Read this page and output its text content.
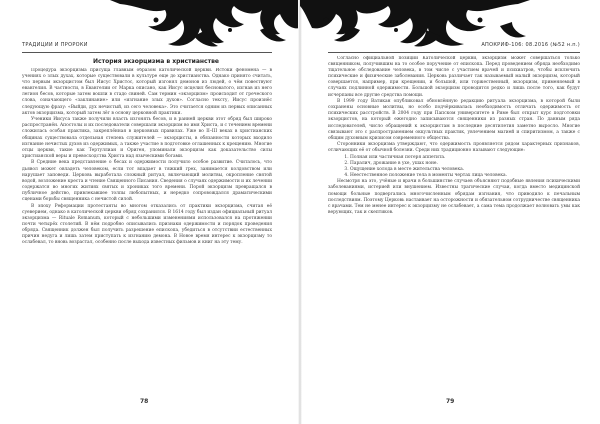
ТРАДИЦИИ И ПРОРОКИ
История экзорцизма в христианстве

Процедура экзорцизма присуща главным образом католической церкви. Истоки феномена — в учениях о злых духах, которые существовали в культуре еще до христианства. Однако принято считать, что первым экзорцистом был Иисус Христос, который изгонял демонов из людей, о чём повествуют евангелия. В частности, в Евангелии от Марка описано, как Иисус исцелил бесноватого, изгнав из него легион бесов, которые затем вошли в стадо свиней. Сам термин «экзорцизм» происходит от греческого слова, означающего «заклинание» или «изгнание злых духов». Согласно тексту, Иисус произнёс следующую фразу: «Выйди, дух нечистый, из сего человека». Это считается одним из первых описанных актов экзорцизма, который затем лёг в основу церковной практики.

Ученики Иисуса также получили власть изгонять бесов, и в ранней церкви этот обряд был широко распространён. Апостолы и их последователи совершали экзорцизм во имя Христа, и с течением времени сложилась особая практика, закреплённая в церковных правилах. Уже во II–III веках в христианских общинах существовала отдельная степень служителей — экзорцисты, в обязанности которых входило изгнание нечистых духов из одержимых, а также участие в подготовке оглашенных к крещению. Многие отцы церкви, такие как Тертуллиан и Ориген, упоминали экзорцизм как доказательство силы христианской веры и превосходства Христа над языческими богами.

В Средние века представление о бесах и одержимости получило особое развитие. Считалось, что дьявол может овладеть человеком, если тот впадает в тяжкий грех, занимается колдовством или нарушает заповеди. Церковь выработала сложный ритуал, включающий молитвы, окропление святой водой, возложение креста и чтение Священного Писания. Сведения о случаях одержимости и их лечении содержатся во многих житиях святых и хрониках того времени. Порой экзорцизм превращался в публичное действо, привлекавшее толпы любопытных, и нередко сопровождался драматическими сценами борьбы священника с нечистой силой.

В эпоху Реформации протестанты во многом отказались от практики экзорцизма, считая её суеверием, однако в католической церкви обряд сохранился. В 1614 году был издан официальный ритуал экзорцизма — Rituale Romanum, который с небольшими изменениями использовался на протяжении почти четырёх столетий. В нём подробно описывались признаки одержимости и порядок проведения обряда. Священник должен был получить разрешение епископа, убедиться в отсутствии естественных причин недуга и лишь затем приступать к изгнанию демона. В Новое время интерес к экзорцизму то ослабевал, то вновь возрастал, особенно после выхода известных фильмов и книг на эту тему.

78
АПОКРИФ-106: 08.2016 (№52 н.п.)

Согласно официальной позиции Католической церкви, экзорцизм может совершаться только священником, получившим на то особое поручение от епископа. Перед проведением обряда необходимо тщательное обследование человека, в том числе с участием врачей и психиатров, чтобы исключить психические и физические заболевания. Церковь различает так называемый малый экзорцизм, который совершается, например, при крещении, и большой, или торжественный, экзорцизм, применяемый в случаях подлинной одержимости. Большой экзорцизм проводится редко и лишь после того, как будут исчерпаны все другие средства помощи.

В 1999 году Ватикан опубликовал обновлённую редакцию ритуала экзорцизма, в которой были сохранены основные молитвы, но особо подчёркивалась необходимость отличать одержимость от психических расстройств. В 2004 году при Папском университете в Риме был открыт курс подготовки экзорцистов, на который ежегодно записываются священники из разных стран. По данным ряда исследователей, число обращений к экзорцистам в последние десятилетия заметно выросло. Многие связывают это с распространением оккультных практик, увлечением магией и спиритизмом, а также с общим духовным кризисом современного общества.

Сторонники экзорцизма утверждают, что одержимость проявляется рядом характерных признаков, отличающих её от обычной болезни. Среди них традиционно называют следующие:

1. Полная или частичная потеря аппетита.
2. Паралич, дрожание в ухе, ушах ноне.
3. Ощущение холода в месте жительства человека.
4. Неестественное положение тела в моменты чертах лица человека.

Несмотря на это, учёные и врачи в большинстве случаев объясняют подобные явления психическими заболеваниями, истерией или внушением. Известны трагические случаи, когда вместо медицинской помощи больные подвергались многочисленным обрядам изгнания, что приводило к печальным последствиям. Поэтому Церковь настаивает на осторожности и обязательном сотрудничестве священника с врачами. Тем не менее интерес к экзорцизму не ослабевает, а сама тема продолжает волновать умы как верующих, так и скептиков.

79
